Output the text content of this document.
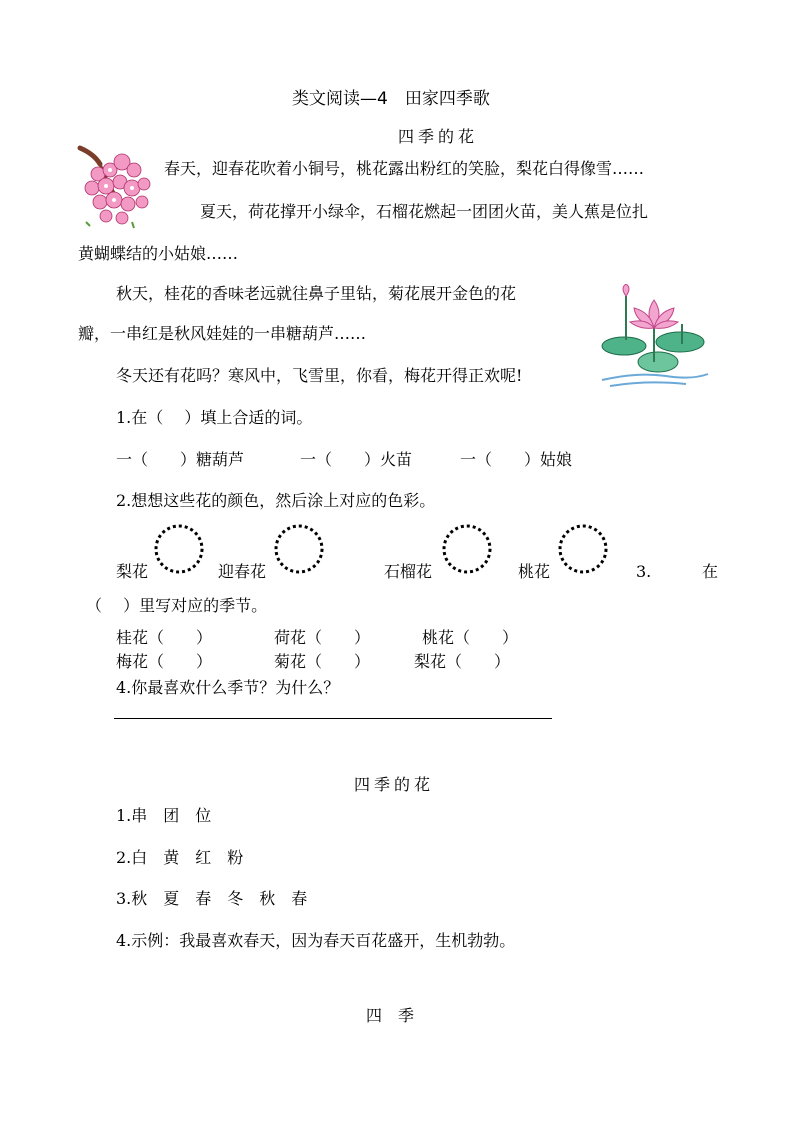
类文阅读—4　田家四季歌
四季的花
春天，迎春花吹着小铜号，桃花露出粉红的笑脸，梨花白得像雪……
夏天，荷花撑开小绿伞，石榴花燃起一团团火苗，美人蕉是位扎
黄蝴蝶结的小姑娘……
秋天，桂花的香味老远就往鼻子里钻，菊花展开金色的花
瓣，一串红是秋风娃娃的一串糖葫芦……
冬天还有花吗？寒风中，飞雪里，你看，梅花开得正欢呢!
1.在（　 ）填上合适的词。
一（　　）糖葫芦	一（　　）火苗	一（　　）姑娘
2.想想这些花的颜色，然后涂上对应的色彩。
梨花	迎春花	石榴花	桃花	3.	在
（　 ）里写对应的季节。
桂花（　　）	荷花（　　）	桃花（　　）
梅花（　　）	菊花（　　）	梨花（　　）
4.你最喜欢什么季节？为什么？
四季的花
1.串　团　位
2.白　黄　红　粉
3.秋　夏　春　冬　秋　春
4.示例：我最喜欢春天，因为春天百花盛开，生机勃勃。
四　季
